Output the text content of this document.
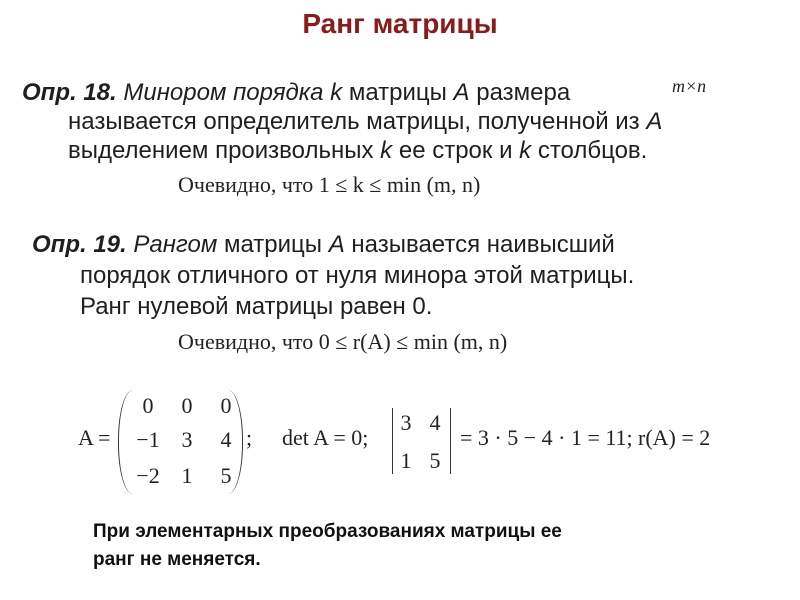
Ранг матрицы
Опр. 18. Минором порядка k матрицы A размера	m×n
называется определитель матрицы, полученной из A
выделением произвольных k ее строк и k столбцов.
Очевидно, что 1 ≤ k ≤ min (m, n)
Опр. 19. Рангом матрицы A называется наивысший
порядок отличного от нуля минора этой матрицы.
Ранг нулевой матрицы равен 0.
Очевидно, что 0 ≤ r(A) ≤ min (m, n)
A =
0	0	0
−1 3	4
−2 1	5
; det A = 0;
3 4
1 5
= 3 · 5 − 4 · 1 = 11; r(A) = 2
При элементарных преобразованиях матрицы ее
ранг не меняется.
